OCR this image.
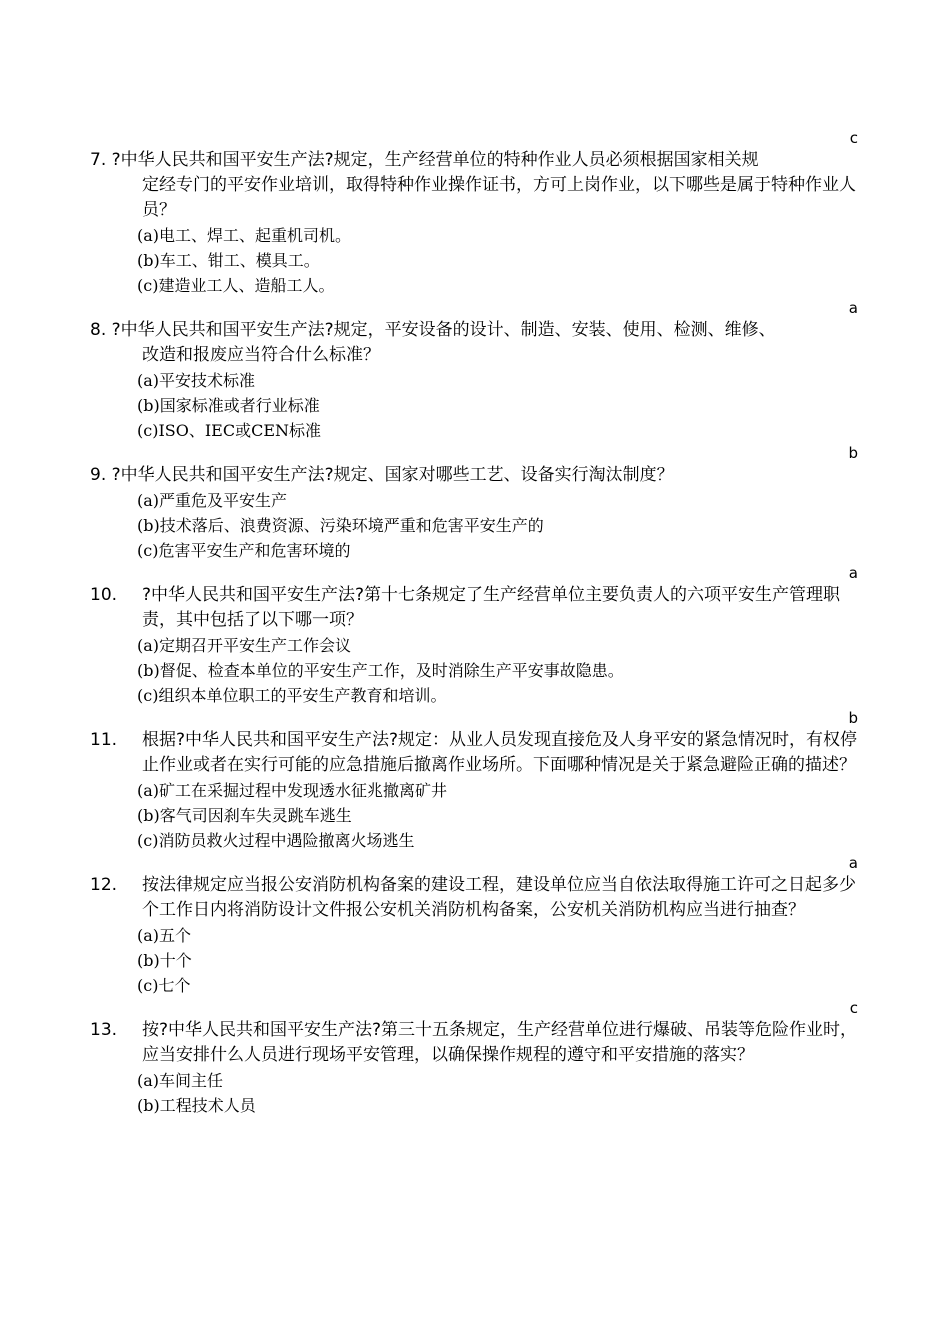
c
7. ?中华人民共和国平安生产法?规定，生产经营单位的特种作业人员必须根据国家相关规
定经专门的平安作业培训，取得特种作业操作证书，方可上岗作业，以下哪些是属于特种作业人员？
(a)电工、焊工、起重机司机。
(b)车工、钳工、模具工。
(c)建造业工人、造船工人。
a
8. ?中华人民共和国平安生产法?规定，平安设备的设计、制造、安装、使用、检测、维修、
改造和报废应当符合什么标准？
(a)平安技术标准
(b)国家标准或者行业标准
(c)ISO、IEC或CEN标准
b
9. ?中华人民共和国平安生产法?规定、国家对哪些工艺、设备实行淘汰制度？
(a)严重危及平安生产
(b)技术落后、浪费资源、污染环境严重和危害平安生产的
(c)危害平安生产和危害环境的
a
10.	?中华人民共和国平安生产法?第十七条规定了生产经营单位主要负责人的六项平安生产管理职责，其中包括了以下哪一项？
(a)定期召开平安生产工作会议
(b)督促、检查本单位的平安生产工作，及时消除生产平安事故隐患。
(c)组织本单位职工的平安生产教育和培训。
b
11.	根据?中华人民共和国平安生产法?规定：从业人员发现直接危及人身平安的紧急情况时，有权停止作业或者在实行可能的应急措施后撤离作业场所。下面哪种情况是关于紧急避险正确的描述？
(a)矿工在采掘过程中发现透水征兆撤离矿井
(b)客气司因刹车失灵跳车逃生
(c)消防员救火过程中遇险撤离火场逃生
a
12.	按法律规定应当报公安消防机构备案的建设工程，建设单位应当自依法取得施工许可之日起多少个工作日内将消防设计文件报公安机关消防机构备案，公安机关消防机构应当进行抽查？
(a)五个
(b)十个
(c)七个
c
13.	按?中华人民共和国平安生产法?第三十五条规定，生产经营单位进行爆破、吊装等危险作业时，应当安排什么人员进行现场平安管理，以确保操作规程的遵守和平安措施的落实？
(a)车间主任
(b)工程技术人员
